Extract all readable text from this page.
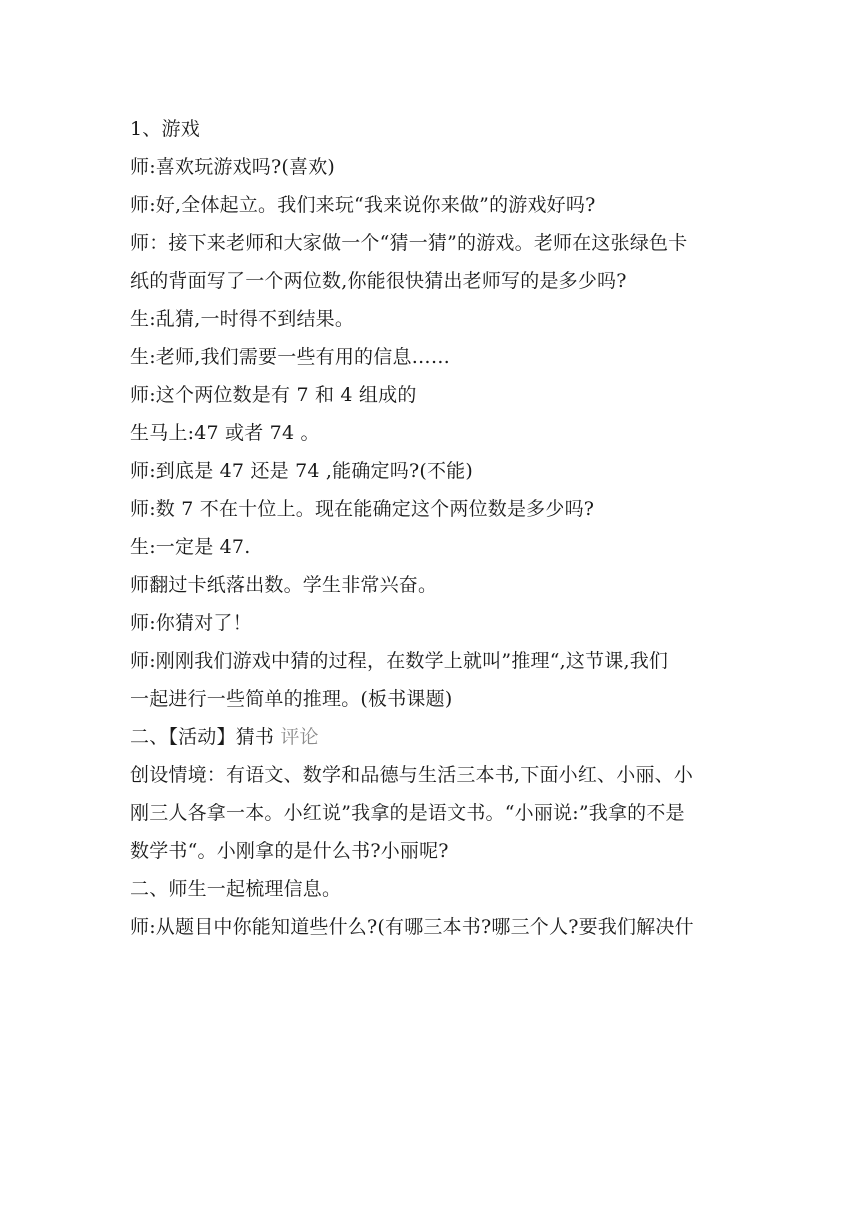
1、游戏
师:喜欢玩游戏吗?(喜欢)
师:好,全体起立。我们来玩“我来说你来做”的游戏好吗?
师：接下来老师和大家做一个“猜一猜”的游戏。老师在这张绿色卡
纸的背面写了一个两位数,你能很快猜出老师写的是多少吗?
生:乱猜,一时得不到结果。
生:老师,我们需要一些有用的信息……
师:这个两位数是有 7 和 4 组成的
生马上:47 或者 74 。
师:到底是 47 还是 74 ,能确定吗?(不能)
师:数 7 不在十位上。现在能确定这个两位数是多少吗?
生:一定是 47.
师翻过卡纸落出数。学生非常兴奋。
师:你猜对了！
师:刚刚我们游戏中猜的过程，在数学上就叫”推理“,这节课,我们
一起进行一些简单的推理。(板书课题)
二、【活动】猜书 评论
创设情境：有语文、数学和品德与生活三本书,下面小红、小丽、小
刚三人各拿一本。小红说”我拿的是语文书。“小丽说:”我拿的不是
数学书“。小刚拿的是什么书?小丽呢?
二、师生一起梳理信息。
师:从题目中你能知道些什么?(有哪三本书?哪三个人?要我们解决什
